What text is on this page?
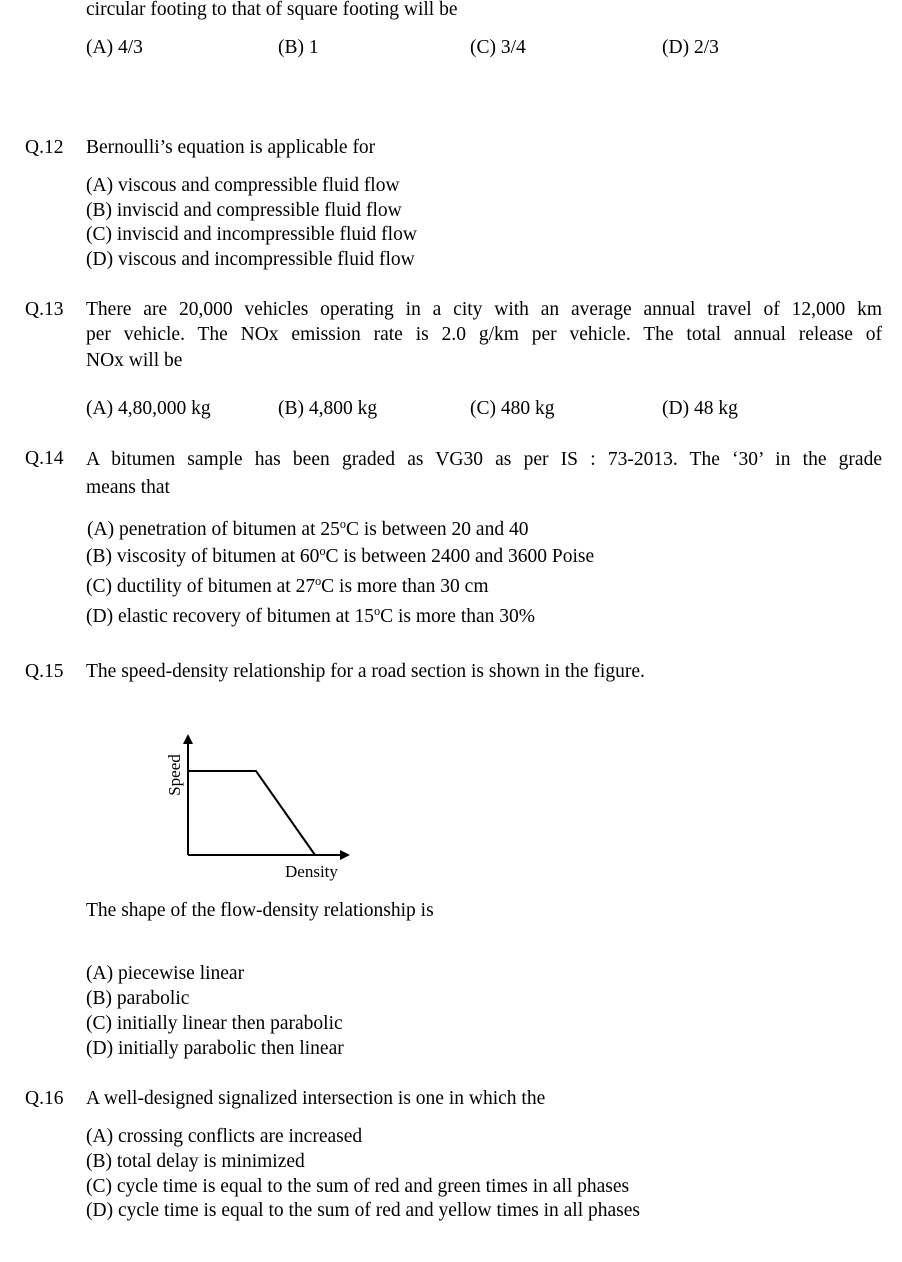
circular footing to that of square footing will be
(A) 4/3	(B) 1	(C) 3/4	(D) 2/3
Q.12 Bernoulli’s equation is applicable for
(A) viscous and compressible fluid flow
(B) inviscid and compressible fluid flow
(C) inviscid and incompressible fluid flow
(D) viscous and incompressible fluid flow
Q.13 There are 20,000 vehicles operating in a city with an average annual travel of 12,000 km
per vehicle. The NOx emission rate is 2.0 g/km per vehicle. The total annual release of
NOx will be
(A) 4,80,000 kg	(B) 4,800 kg	(C) 480 kg	(D) 48 kg
Q.14 A bitumen sample has been graded as VG30 as per IS : 73-2013. The ‘30’ in the grade
means that
(A) penetration of bitumen at 25$^o$C is between 20 and 40
(B) viscosity of bitumen at 60$^o$C is between 2400 and 3600 Poise
(C) ductility of bitumen at 27$^o$C is more than 30 cm
(D) elastic recovery of bitumen at 15$^o$C is more than 30%
Q.15 The speed-density relationship for a road section is shown in the figure.
Speed
Density
The shape of the flow-density relationship is
(A) piecewise linear
(B) parabolic
(C) initially linear then parabolic
(D) initially parabolic then linear
Q.16 A well-designed signalized intersection is one in which the
(A) crossing conflicts are increased
(B) total delay is minimized
(C) cycle time is equal to the sum of red and green times in all phases
(D) cycle time is equal to the sum of red and yellow times in all phases
